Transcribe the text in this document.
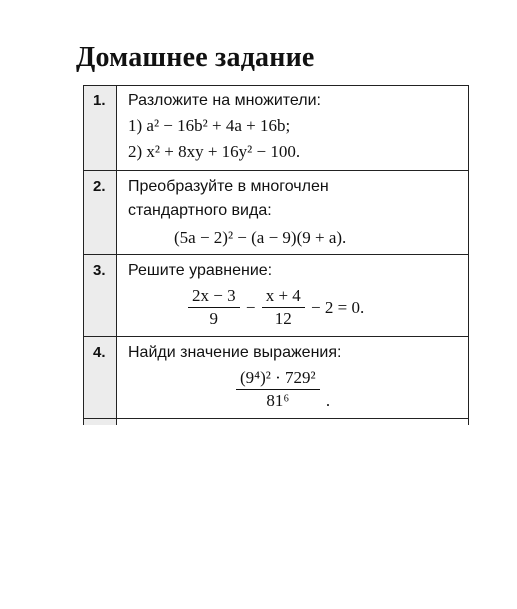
Домашнее задание
1. Разложите на множители:
1) a² − 16b² + 4a + 16b;
2) x² + 8xy + 16y² − 100.
2. Преобразуйте в многочлен
стандартного вида:
(5a − 2)² − (a − 9)(9 + a).
3. Решите уравнение:
$\frac{2x - 3}{9} - \frac{x + 4}{12} - 2 = 0$.
4. Найди значение выражения:
$\frac{\text{(9⁴)² · 729²}}{\text{81⁶}}$ .
